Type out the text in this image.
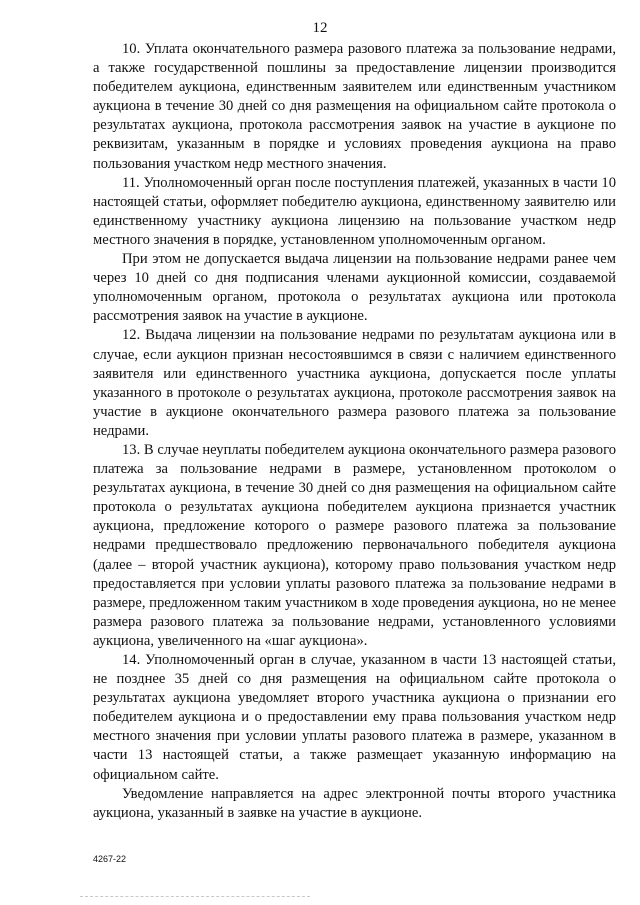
12

10. Уплата окончательного размера разового платежа за пользование недрами, а также государственной пошлины за предоставление лицензии производится победителем аукциона, единственным заявителем или единственным участником аукциона в течение 30 дней со дня размещения на официальном сайте протокола о результатах аукциона, протокола рассмотрения заявок на участие в аукционе по реквизитам, указанным в порядке и условиях проведения аукциона на право пользования участком недр местного значения.

11. Уполномоченный орган после поступления платежей, указанных в части 10 настоящей статьи, оформляет победителю аукциона, единственному заявителю или единственному участнику аукциона лицензию на пользование участком недр местного значения в порядке, установленном уполномоченным органом.

При этом не допускается выдача лицензии на пользование недрами ранее чем через 10 дней со дня подписания членами аукционной комиссии, создаваемой уполномоченным органом, протокола о результатах аукциона или протокола рассмотрения заявок на участие в аукционе.

12. Выдача лицензии на пользование недрами по результатам аукциона или в случае, если аукцион признан несостоявшимся в связи с наличием единственного заявителя или единственного участника аукциона, допускается после уплаты указанного в протоколе о результатах аукциона, протоколе рассмотрения заявок на участие в аукционе окончательного размера разового платежа за пользование недрами.

13. В случае неуплаты победителем аукциона окончательного размера разового платежа за пользование недрами в размере, установленном протоколом о результатах аукциона, в течение 30 дней со дня размещения на официальном сайте протокола о результатах аукциона победителем аукциона признается участник аукциона, предложение которого о размере разового платежа за пользование недрами предшествовало предложению первоначального победителя аукциона (далее – второй участник аукциона), которому право пользования участком недр предоставляется при условии уплаты разового платежа за пользование недрами в размере, предложенном таким участником в ходе проведения аукциона, но не менее размера разового платежа за пользование недрами, установленного условиями аукциона, увеличенного на «шаг аукциона».

14. Уполномоченный орган в случае, указанном в части 13 настоящей статьи, не позднее 35 дней со дня размещения на официальном сайте протокола о результатах аукциона уведомляет второго участника аукциона о признании его победителем аукциона и о предоставлении ему права пользования участком недр местного значения при условии уплаты разового платежа в размере, указанном в части 13 настоящей статьи, а также размещает указанную информацию на официальном сайте.

Уведомление направляется на адрес электронной почты второго участника аукциона, указанный в заявке на участие в аукционе.

4267-22
